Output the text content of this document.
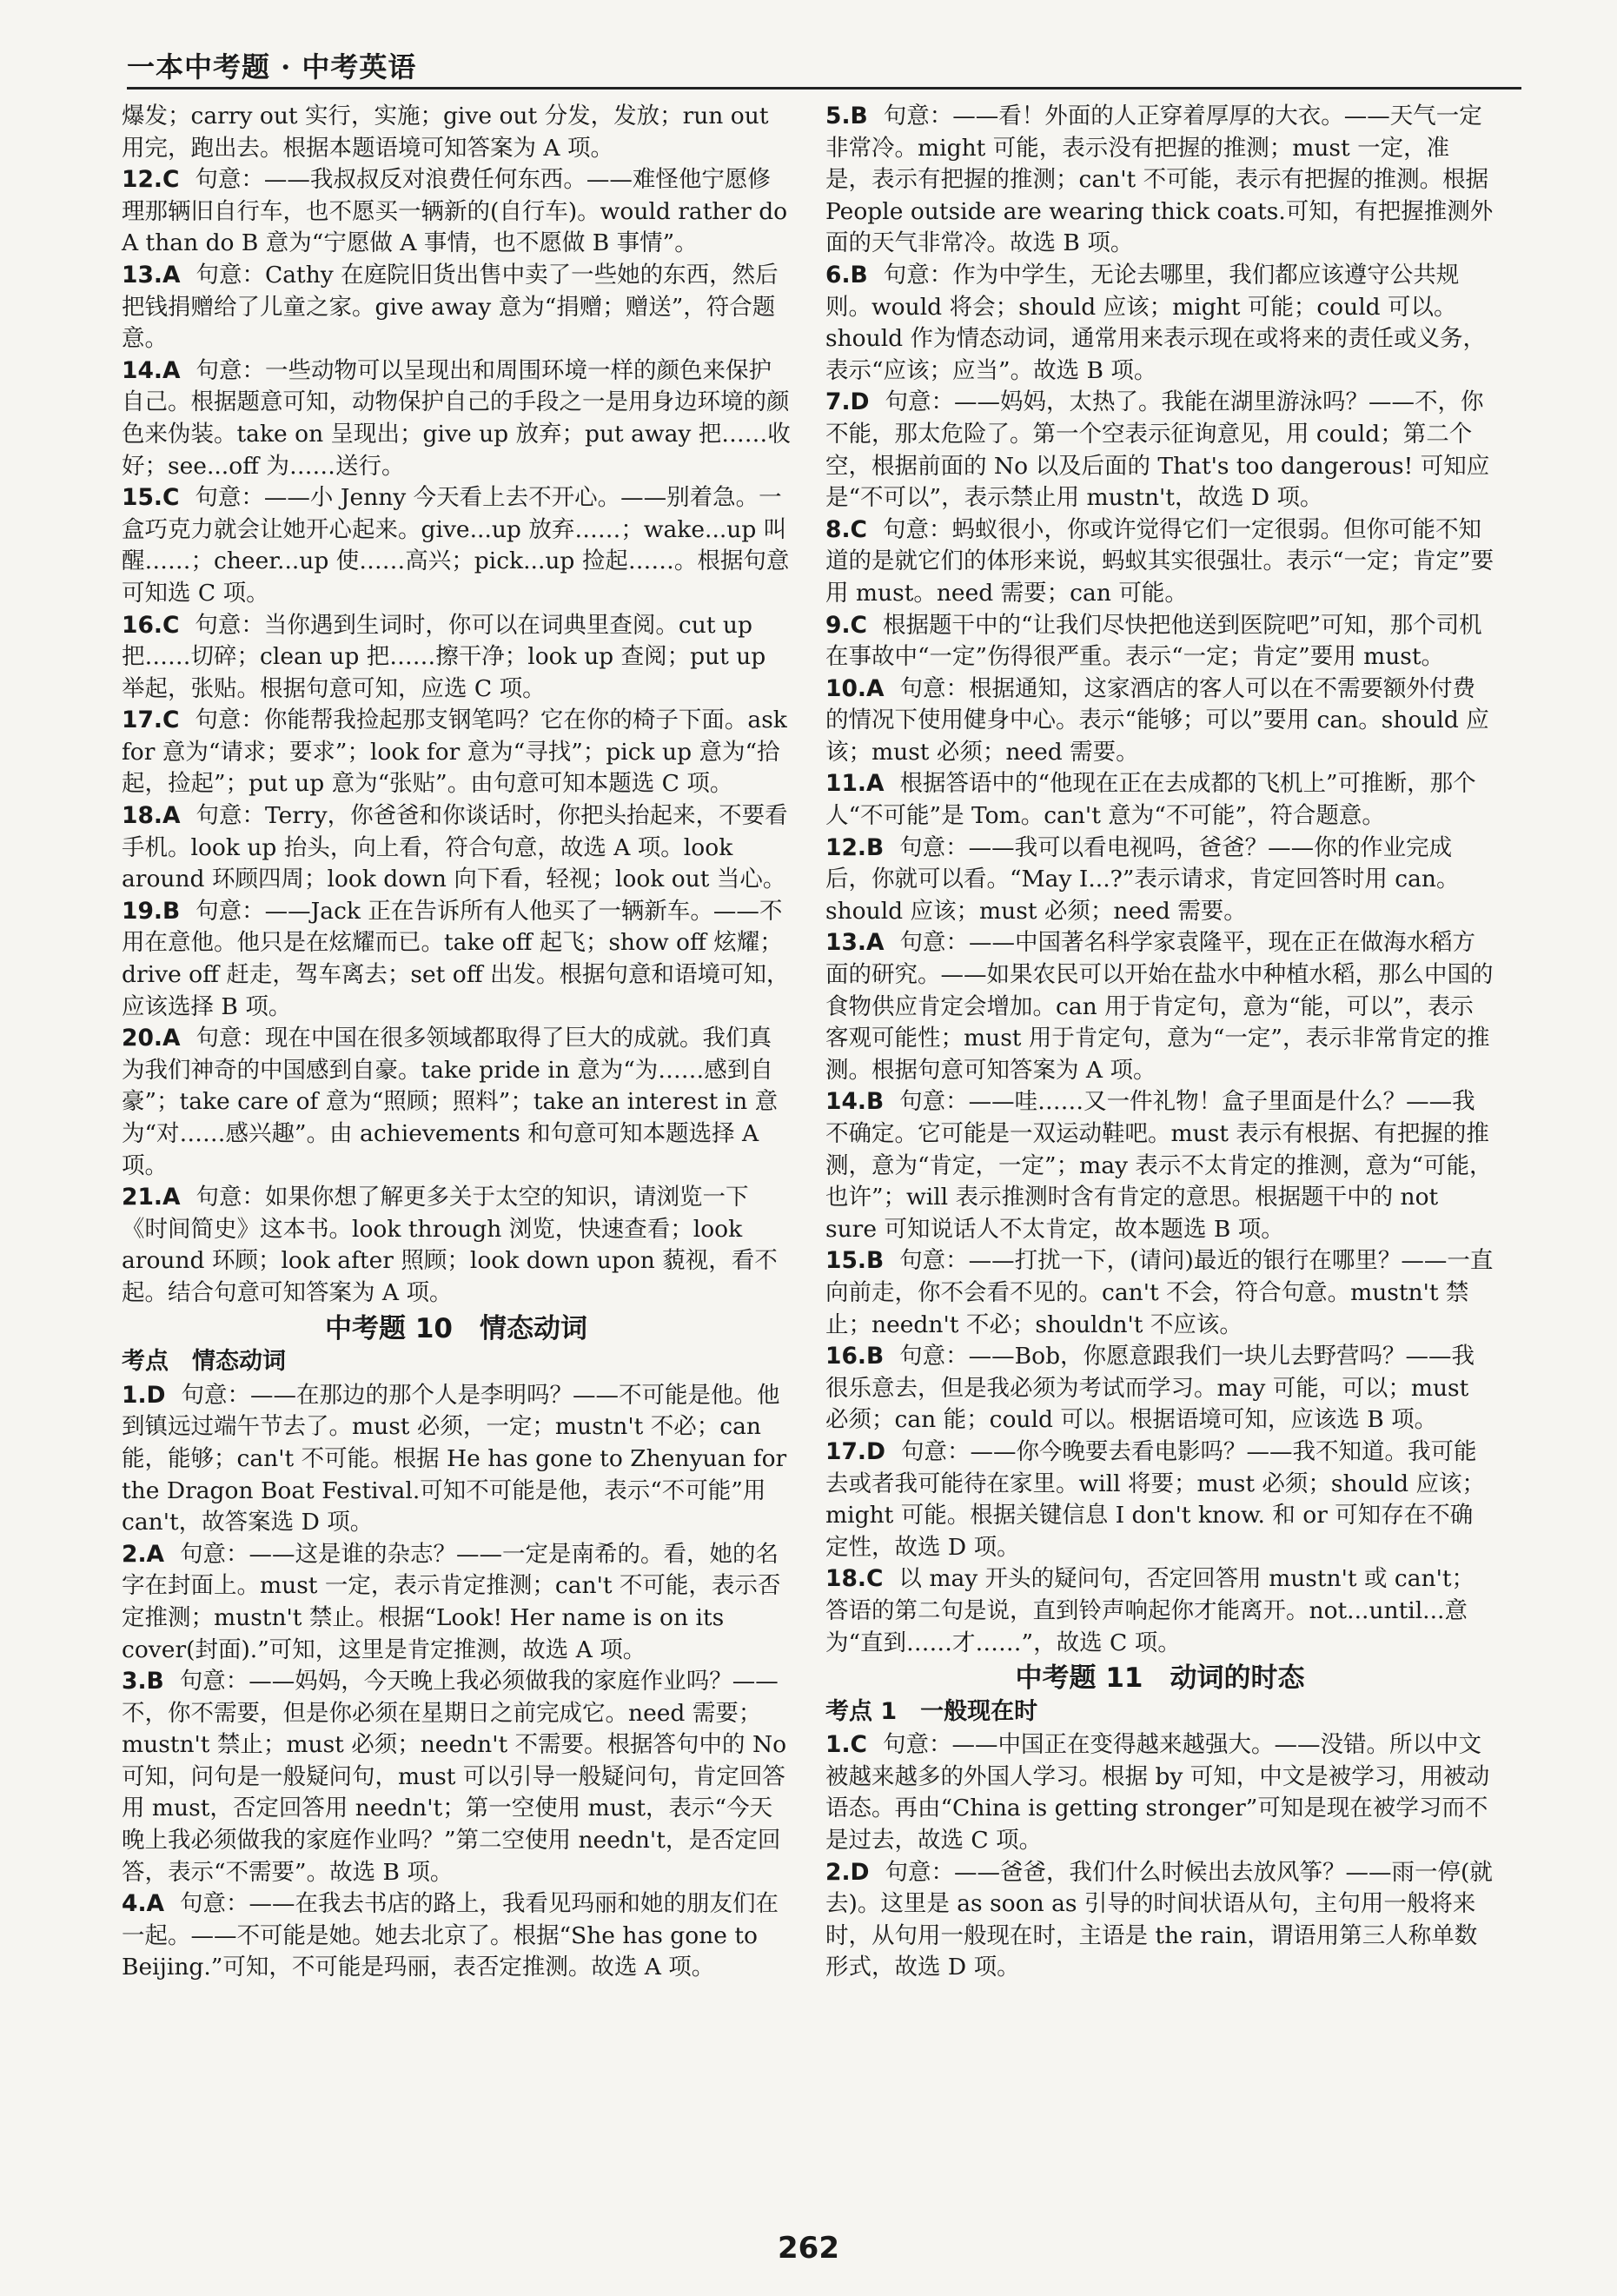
一本中考题 · 中考英语

爆发；carry out 实行，实施；give out 分发，发放；run out 用完，跑出去。根据本题语境可知答案为 A 项。

12.C 句意：——我叔叔反对浪费任何东西。——难怪他宁愿修理那辆旧自行车，也不愿买一辆新的(自行车)。would rather do A than do B 意为“宁愿做 A 事情，也不愿做 B 事情”。

13.A 句意：Cathy 在庭院旧货出售中卖了一些她的东西，然后把钱捐赠给了儿童之家。give away 意为“捐赠；赠送”，符合题意。

14.A 句意：一些动物可以呈现出和周围环境一样的颜色来保护自己。根据题意可知，动物保护自己的手段之一是用身边环境的颜色来伪装。take on 呈现出；give up 放弃；put away 把……收好；see...off 为……送行。

15.C 句意：——小 Jenny 今天看上去不开心。——别着急。一盒巧克力就会让她开心起来。give...up 放弃……；wake...up 叫醒……；cheer...up 使……高兴；pick...up 捡起……。根据句意可知选 C 项。

16.C 句意：当你遇到生词时，你可以在词典里查阅。cut up 把……切碎；clean up 把……擦干净；look up 查阅；put up 举起，张贴。根据句意可知，应选 C 项。

17.C 句意：你能帮我捡起那支钢笔吗？它在你的椅子下面。ask for 意为“请求；要求”；look for 意为“寻找”；pick up 意为“拾起，捡起”；put up 意为“张贴”。由句意可知本题选 C 项。

18.A 句意：Terry，你爸爸和你谈话时，你把头抬起来，不要看手机。look up 抬头，向上看，符合句意，故选 A 项。look around 环顾四周；look down 向下看，轻视；look out 当心。

19.B 句意：——Jack 正在告诉所有人他买了一辆新车。——不用在意他。他只是在炫耀而已。take off 起飞；show off 炫耀；drive off 赶走，驾车离去；set off 出发。根据句意和语境可知，应该选择 B 项。

20.A 句意：现在中国在很多领域都取得了巨大的成就。我们真为我们神奇的中国感到自豪。take pride in 意为“为……感到自豪”；take care of 意为“照顾；照料”；take an interest in 意为“对……感兴趣”。由 achievements 和句意可知本题选择 A 项。

21.A 句意：如果你想了解更多关于太空的知识，请浏览一下《时间简史》这本书。look through 浏览，快速查看；look around 环顾；look after 照顾；look down upon 藐视，看不起。结合句意可知答案为 A 项。

中考题 10　情态动词
考点　情态动词

1.D 句意：——在那边的那个人是李明吗？——不可能是他。他到镇远过端午节去了。must 必须，一定；mustn't 不必；can 能，能够；can't 不可能。根据 He has gone to Zhenyuan for the Dragon Boat Festival.可知不可能是他，表示“不可能”用 can't，故答案选 D 项。

2.A 句意：——这是谁的杂志？——一定是南希的。看，她的名字在封面上。must 一定，表示肯定推测；can't 不可能，表示否定推测；mustn't 禁止。根据“Look! Her name is on its cover(封面).”可知，这里是肯定推测，故选 A 项。

3.B 句意：——妈妈，今天晚上我必须做我的家庭作业吗？——不，你不需要，但是你必须在星期日之前完成它。need 需要；mustn't 禁止；must 必须；needn't 不需要。根据答句中的 No 可知，问句是一般疑问句，must 可以引导一般疑问句，肯定回答用 must，否定回答用 needn't；第一空使用 must，表示“今天晚上我必须做我的家庭作业吗？”第二空使用 needn't，是否定回答，表示“不需要”。故选 B 项。

4.A 句意：——在我去书店的路上，我看见玛丽和她的朋友们在一起。——不可能是她。她去北京了。根据“She has gone to Beijing.”可知，不可能是玛丽，表否定推测。故选 A 项。

5.B 句意：——看！外面的人正穿着厚厚的大衣。——天气一定非常冷。might 可能，表示没有把握的推测；must 一定，准是，表示有把握的推测；can't 不可能，表示有把握的推测。根据 People outside are wearing thick coats.可知，有把握推测外面的天气非常冷。故选 B 项。

6.B 句意：作为中学生，无论去哪里，我们都应该遵守公共规则。would 将会；should 应该；might 可能；could 可以。should 作为情态动词，通常用来表示现在或将来的责任或义务，表示“应该；应当”。故选 B 项。

7.D 句意：——妈妈，太热了。我能在湖里游泳吗？——不，你不能，那太危险了。第一个空表示征询意见，用 could；第二个空，根据前面的 No 以及后面的 That's too dangerous! 可知应是“不可以”，表示禁止用 mustn't，故选 D 项。

8.C 句意：蚂蚁很小，你或许觉得它们一定很弱。但你可能不知道的是就它们的体形来说，蚂蚁其实很强壮。表示“一定；肯定”要用 must。need 需要；can 可能。

9.C 根据题干中的“让我们尽快把他送到医院吧”可知，那个司机在事故中“一定”伤得很严重。表示“一定；肯定”要用 must。

10.A 句意：根据通知，这家酒店的客人可以在不需要额外付费的情况下使用健身中心。表示“能够；可以”要用 can。should 应该；must 必须；need 需要。

11.A 根据答语中的“他现在正在去成都的飞机上”可推断，那个人“不可能”是 Tom。can't 意为“不可能”，符合题意。

12.B 句意：——我可以看电视吗，爸爸？——你的作业完成后，你就可以看。“May I...?”表示请求，肯定回答时用 can。should 应该；must 必须；need 需要。

13.A 句意：——中国著名科学家袁隆平，现在正在做海水稻方面的研究。——如果农民可以开始在盐水中种植水稻，那么中国的食物供应肯定会增加。can 用于肯定句，意为“能，可以”，表示客观可能性；must 用于肯定句，意为“一定”，表示非常肯定的推测。根据句意可知答案为 A 项。

14.B 句意：——哇……又一件礼物！盒子里面是什么？——我不确定。它可能是一双运动鞋吧。must 表示有根据、有把握的推测，意为“肯定，一定”；may 表示不太肯定的推测，意为“可能，也许”；will 表示推测时含有肯定的意思。根据题干中的 not sure 可知说话人不太肯定，故本题选 B 项。

15.B 句意：——打扰一下，(请问)最近的银行在哪里？——一直向前走，你不会看不见的。can't 不会，符合句意。mustn't 禁止；needn't 不必；shouldn't 不应该。

16.B 句意：——Bob，你愿意跟我们一块儿去野营吗？——我很乐意去，但是我必须为考试而学习。may 可能，可以；must 必须；can 能；could 可以。根据语境可知，应该选 B 项。

17.D 句意：——你今晚要去看电影吗？——我不知道。我可能去或者我可能待在家里。will 将要；must 必须；should 应该；might 可能。根据关键信息 I don't know. 和 or 可知存在不确定性，故选 D 项。

18.C 以 may 开头的疑问句，否定回答用 mustn't 或 can't；答语的第二句是说，直到铃声响起你才能离开。not...until...意为“直到……才……”，故选 C 项。

中考题 11　动词的时态
考点 1　一般现在时

1.C 句意：——中国正在变得越来越强大。——没错。所以中文被越来越多的外国人学习。根据 by 可知，中文是被学习，用被动语态。再由“China is getting stronger”可知是现在被学习而不是过去，故选 C 项。

2.D 句意：——爸爸，我们什么时候出去放风筝？——雨一停(就去)。这里是 as soon as 引导的时间状语从句，主句用一般将来时，从句用一般现在时，主语是 the rain，谓语用第三人称单数形式，故选 D 项。

262
